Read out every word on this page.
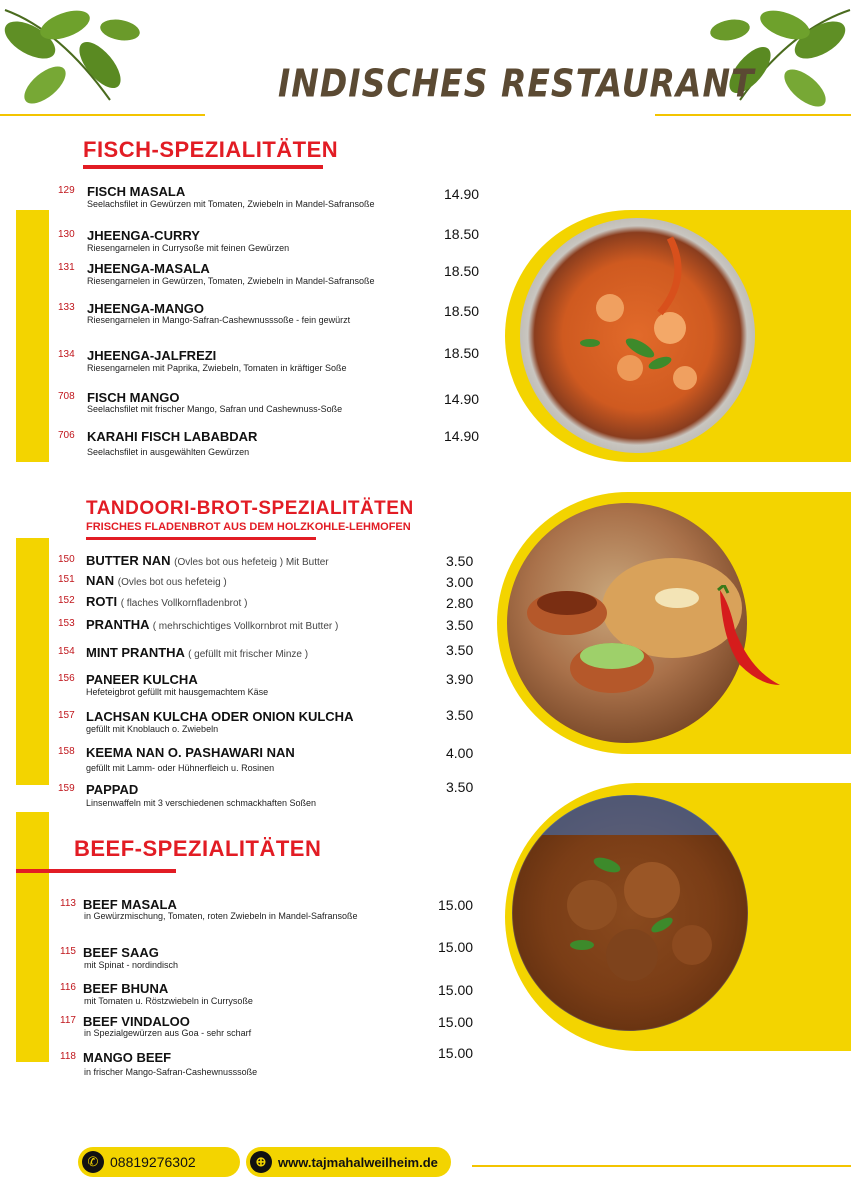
INDISCHES RESTAURANT
FISCH-SPEZIALITÄTEN
129 FISCH MASALA
Seelachsfilet in Gewürzen mit Tomaten, Zwiebeln in Mandel-Safransoße
14.90
130 JHEENGA-CURRY
Riesengarnelen in Currysoße mit feinen Gewürzen
18.50
131 JHEENGA-MASALA
Riesengarnelen in Gewürzen, Tomaten, Zwiebeln in Mandel-Safransoße
18.50
133 JHEENGA-MANGO
Riesengarnelen in Mango-Safran-Cashewnusssoße - fein gewürzt
18.50
134 JHEENGA-JALFREZI
Riesengarnelen mit Paprika, Zwiebeln, Tomaten in kräftiger Soße
18.50
708 FISCH MANGO
Seelachsfilet mit frischer Mango, Safran und Cashewnuss-Soße
14.90
706 KARAHI FISCH LABABDAR
Seelachsfilet in ausgewählten Gewürzen
14.90
TANDOORI-BROT-SPEZIALITÄTEN
FRISCHES FLADENBROT AUS DEM HOLZKOHLE-LEHMOFEN
150 BUTTER NAN (Ovles bot ous hefeteig ) Mit Butter	3.50
151 NAN (Ovles bot ous hefeteig )	3.00
152 ROTI ( flaches Vollkornfladenbrot )	2.80
153 PRANTHA ( mehrschichtiges Vollkornbrot mit Butter )	3.50
154 MINT PRANTHA ( gefüllt mit frischer Minze )	3.50
156 PANEER KULCHA
Hefeteigbrot gefüllt mit hausgemachtem Käse
3.90
157 LACHSAN KULCHA ODER ONION KULCHA
gefüllt mit Knoblauch o. Zwiebeln
3.50
158 KEEMA NAN O. PASHAWARI NAN
gefüllt mit Lamm- oder Hühnerfleich u. Rosinen
4.00
159 PAPPAD
Linsenwaffeln mit 3 verschiedenen schmackhaften Soßen
3.50
BEEF-SPEZIALITÄTEN
113 BEEF MASALA
in Gewürzmischung, Tomaten, roten Zwiebeln in Mandel-Safransoße
15.00
115 BEEF SAAG
mit Spinat - nordindisch
15.00
116 BEEF BHUNA
mit Tomaten u. Röstzwiebeln in Currysoße
15.00
117 BEEF VINDALOO
in Spezialgewürzen aus Goa - sehr scharf
15.00
118 MANGO BEEF
in frischer Mango-Safran-Cashewnusssoße
15.00
✆ 08819276302	⊕ www.tajmahalweilheim.de
